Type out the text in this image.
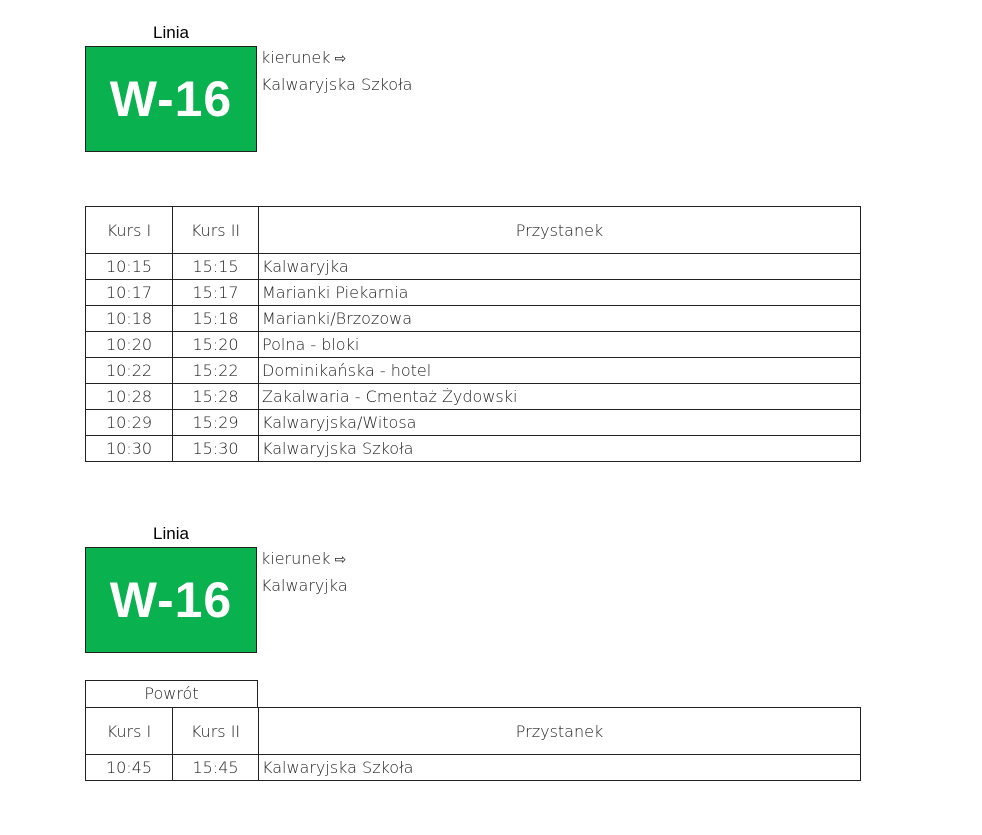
Linia
W-16
kierunek ⇨
Kalwaryjska Szkoła
Kurs I	Kurs II	Przystanek
10:15	15:15	Kalwaryjka
10:17	15:17	Marianki Piekarnia
10:18	15:18	Marianki/Brzozowa
10:20	15:20	Polna - bloki
10:22	15:22	Dominikańska - hotel
10:28	15:28	Zakalwaria - Cmentaż Żydowski
10:29	15:29	Kalwaryjska/Witosa
10:30	15:30	Kalwaryjska Szkoła
Linia
W-16
kierunek ⇨
Kalwaryjka
Powrót
Kurs I	Kurs II	Przystanek
10:45	15:45	Kalwaryjska Szkoła
